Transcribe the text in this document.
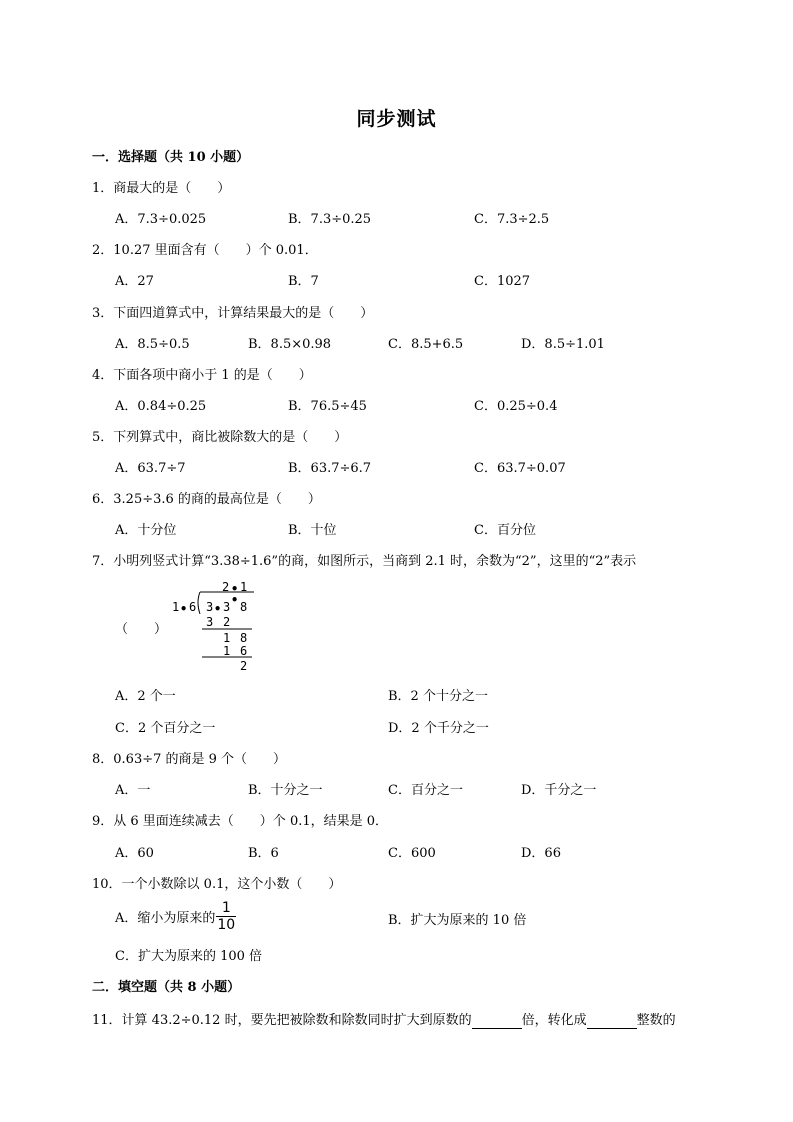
同步测试
一．选择题（共 10 小题）
1．商最大的是（　　）
A．7.3÷0.025	B．7.3÷0.25	C．7.3÷2.5
2．10.27 里面含有（　　）个 0.01．
A．27	B．7	C．1027
3．下面四道算式中，计算结果最大的是（　　）
A．8.5÷0.5	B．8.5×0.98	C．8.5+6.5	D．8.5÷1.01
4．下面各项中商小于 1 的是（　　）
A．0.84÷0.25	B．76.5÷45	C．0.25÷0.4
5．下列算式中，商比被除数大的是（　　）
A．63.7÷7	B．63.7÷6.7	C．63.7÷0.07
6．3.25÷3.6 的商的最高位是（　　）
A．十分位	B．十位	C．百分位
7．小明列竖式计算“3.38÷1.6”的商，如图所示，当商到 2.1 时，余数为“2”，这里的“2”表示
（　　）
2 • 1
1 • 6 3 • 3 • 8
3 2
1 8
1 6
2
A．2 个一	B．2 个十分之一
C．2 个百分之一	D．2 个千分之一
8．0.63÷7 的商是 9 个（　　）
A．一	B．十分之一	C．百分之一	D．千分之一
9．从 6 里面连续减去（　　）个 0.1，结果是 0．
A．60	B．6	C．600	D．66
10．一个小数除以 0.1，这个小数（　　）
A．缩小为原来的 $\frac{1}{10}$	B．扩大为原来的 10 倍
C．扩大为原来的 100 倍
二．填空题（共 8 小题）
11．计算 43.2÷0.12 时，要先把被除数和除数同时扩大到原数的	倍，转化成	整数的
